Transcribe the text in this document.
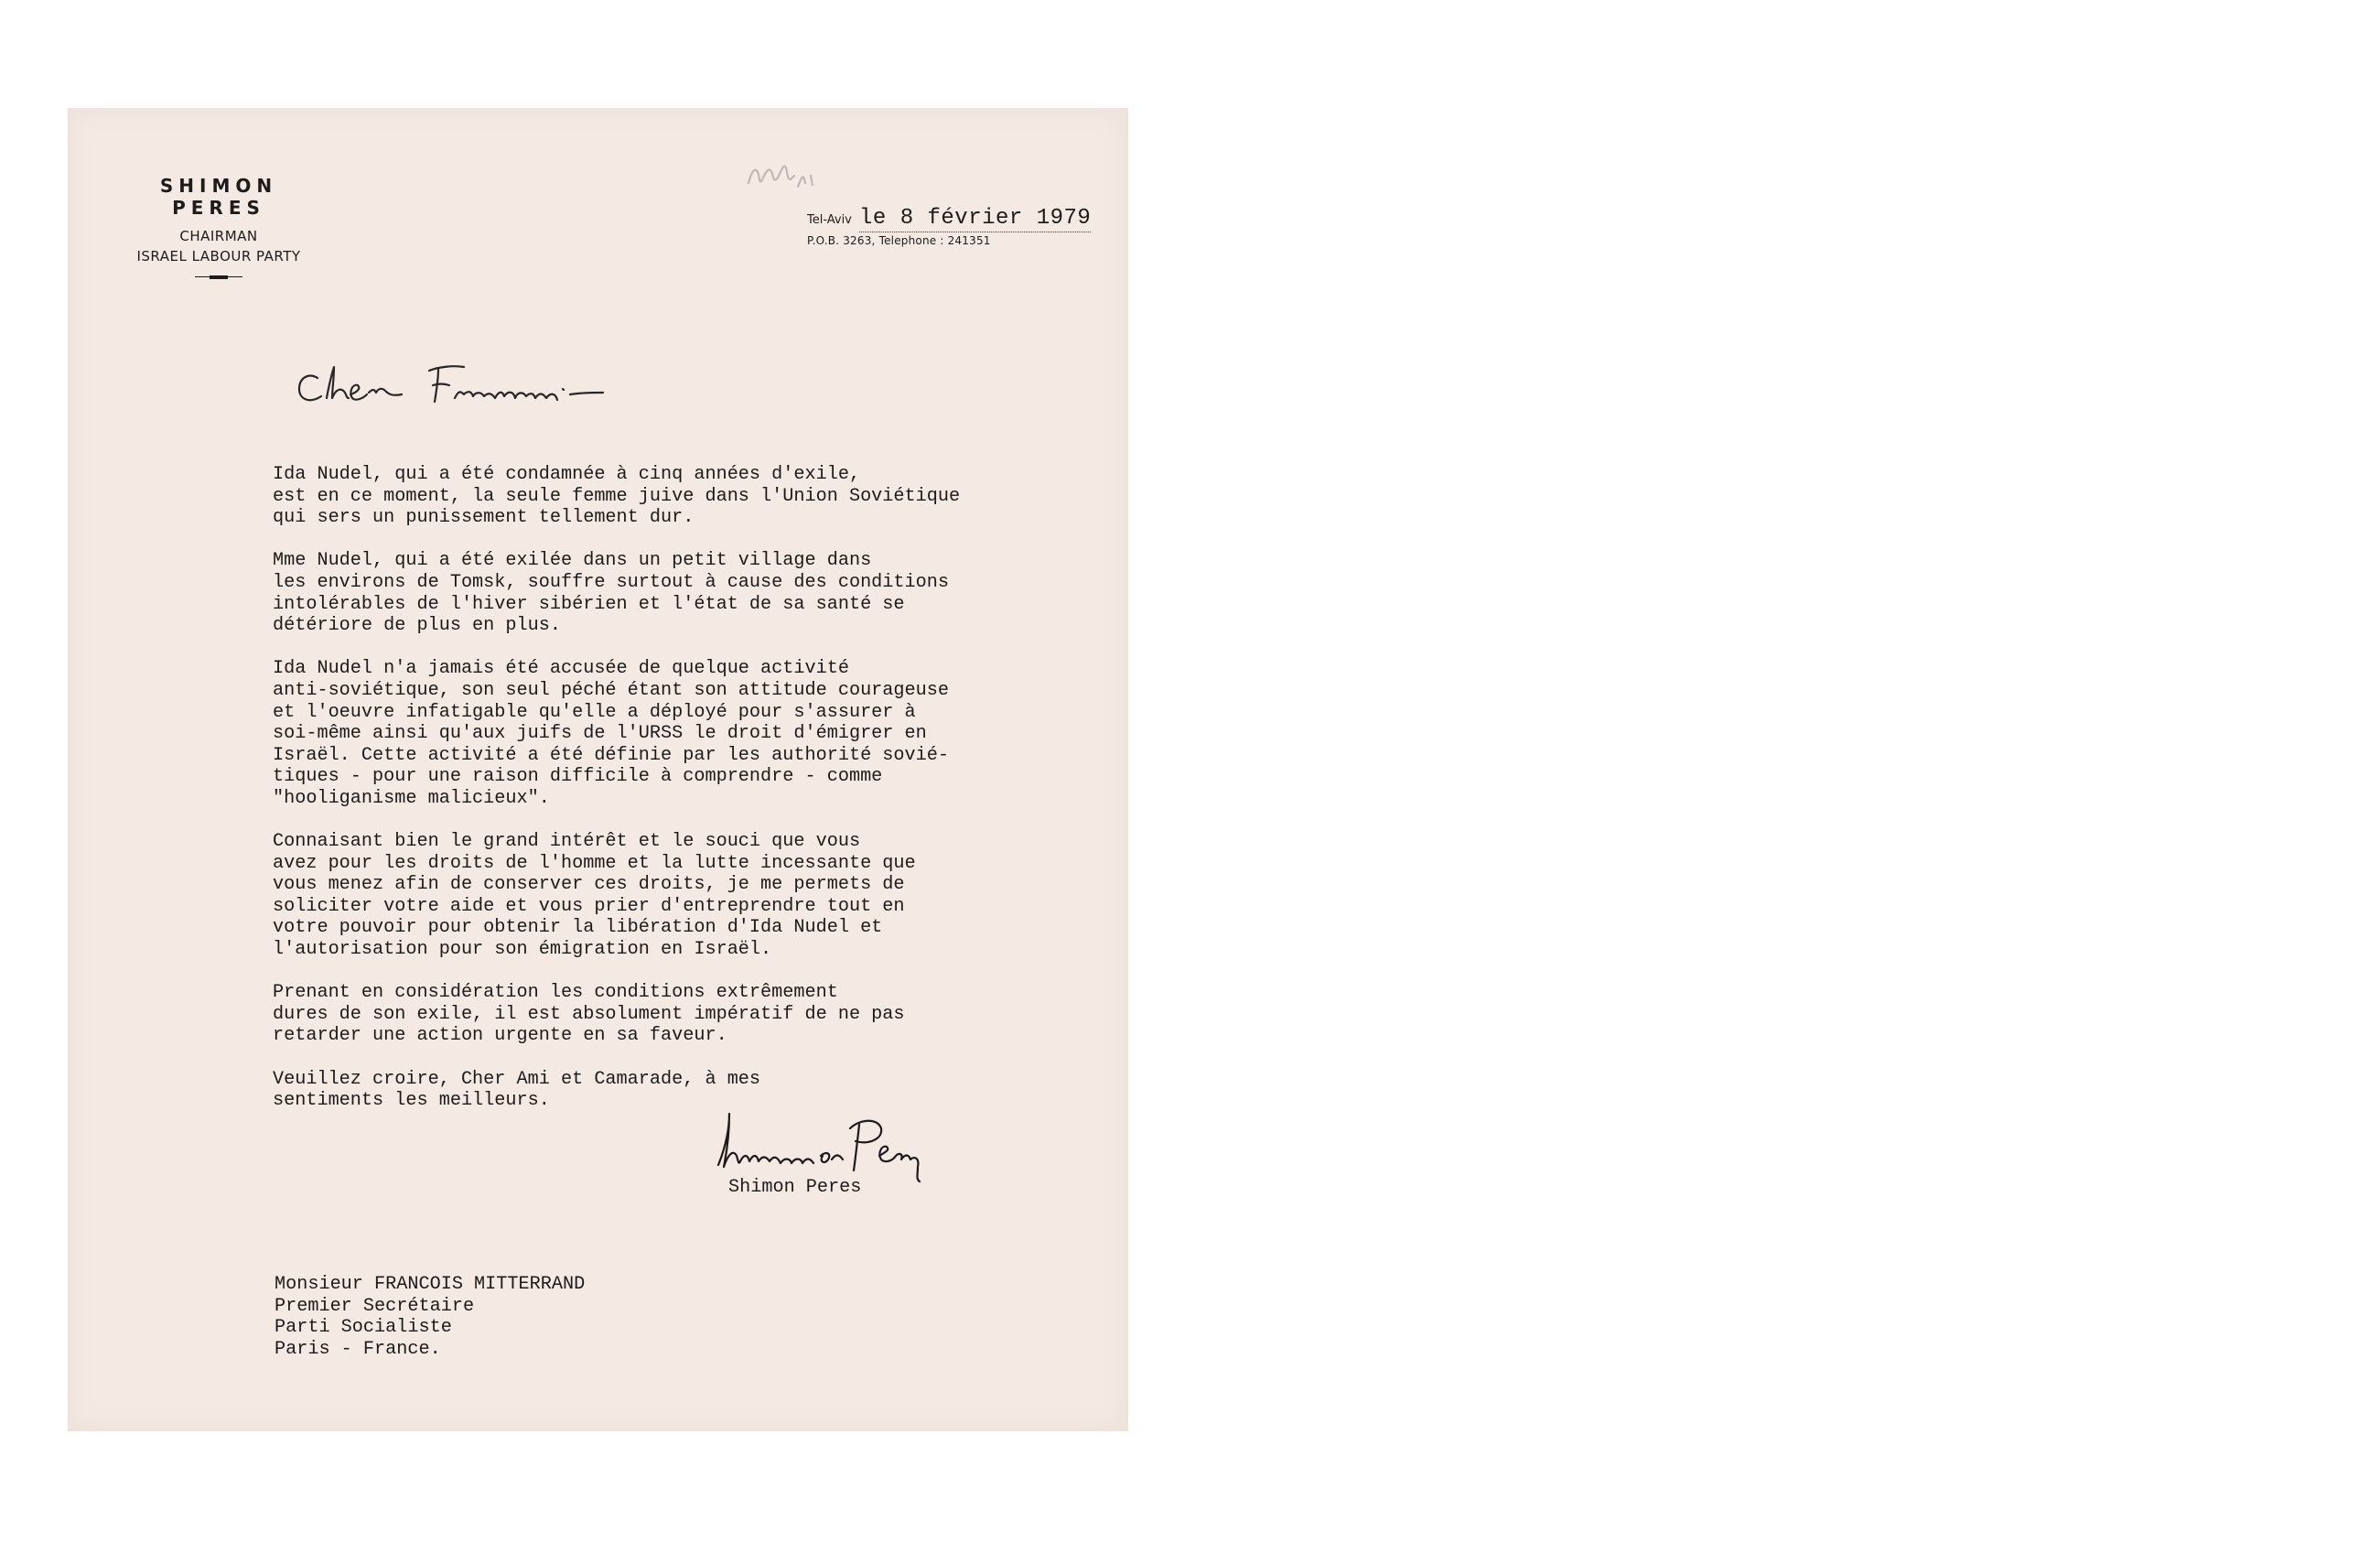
SHIMON PERES
CHAIRMAN
ISRAEL LABOUR PARTY
Tel-Aviv le 8 février 1979
P.O.B. 3263, Telephone : 241351

Ida Nudel, qui a été condamnée à cinq années d'exile,
est en ce moment, la seule femme juive dans l'Union Soviétique
qui sers un punissement tellement dur.

Mme Nudel, qui a été exilée dans un petit village dans
les environs de Tomsk, souffre surtout à cause des conditions
intolérables de l'hiver sibérien et l'état de sa santé se
détériore de plus en plus.

Ida Nudel n'a jamais été accusée de quelque activité
anti-soviétique, son seul péché étant son attitude courageuse
et l'oeuvre infatigable qu'elle a déployé pour s'assurer à
soi-même ainsi qu'aux juifs de l'URSS le droit d'émigrer en
Israël. Cette activité a été définie par les authorité sovié-
tiques - pour une raison difficile à comprendre - comme
"hooliganisme malicieux".

Connaisant bien le grand intérêt et le souci que vous
avez pour les droits de l'homme et la lutte incessante que
vous menez afin de conserver ces droits, je me permets de
soliciter votre aide et vous prier d'entreprendre tout en
votre pouvoir pour obtenir la libération d'Ida Nudel et
l'autorisation pour son émigration en Israël.

Prenant en considération les conditions extrêmement
dures de son exile, il est absolument impératif de ne pas
retarder une action urgente en sa faveur.

Veuillez croire, Cher Ami et Camarade, à mes
sentiments les meilleurs.

Shimon Peres
Monsieur FRANCOIS MITTERRAND
Premier Secrétaire
Parti Socialiste
Paris - France.
